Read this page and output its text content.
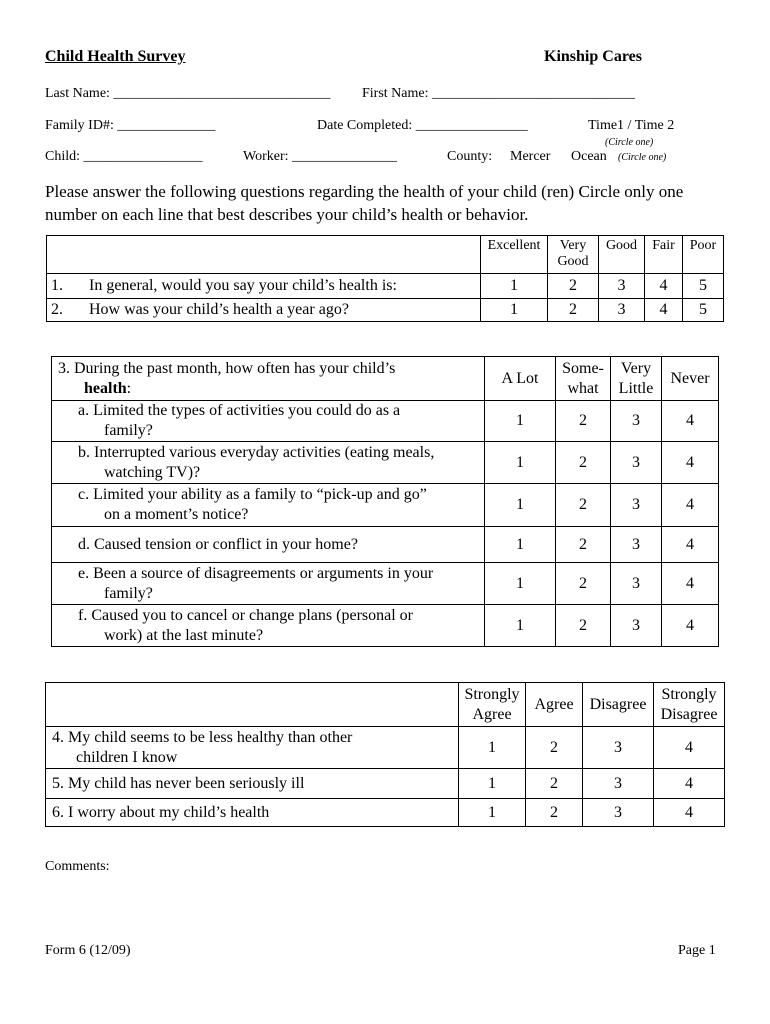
Child Health Survey	Kinship Cares
Last Name: _______________________________ First Name: _____________________________
Family ID#: ______________	Date Completed: ________________	Time1 / Time 2
(Circle one)
Child: _________________	Worker: _______________	County: Mercer Ocean (Circle one)
Please answer the following questions regarding the health of your child (ren) Circle only one number on each line that best describes your child’s health or behavior.
	Excellent	Very Good	Good	Fair	Poor
1. In general, would you say your child’s health is:	1	2	3	4	5
2. How was your child’s health a year ago?	1	2	3	4	5
3. During the past month, how often has your child’s
health:	A Lot	Some-what	Very Little	Never

a. Limited the types of activities you could do as a
family?	1	2	3	4

b. Interrupted various everyday activities (eating meals,
watching TV)?	1	2	3	4

c. Limited your ability as a family to “pick-up and go”
on a moment’s notice?	1	2	3	4

d. Caused tension or conflict in your home?	1	2	3	4

e. Been a source of disagreements or arguments in your
family?	1	2	3	4

f. Caused you to cancel or change plans (personal or
work) at the last minute?	1	2	3	4
	Strongly Agree	Agree	Disagree	Strongly Disagree

4. My child seems to be less healthy than other
children I know	1	2	3	4

5. My child has never been seriously ill	1	2	3	4

6. I worry about my child’s health	1	2	3	4
Comments:
Form 6 (12/09)	Page 1
